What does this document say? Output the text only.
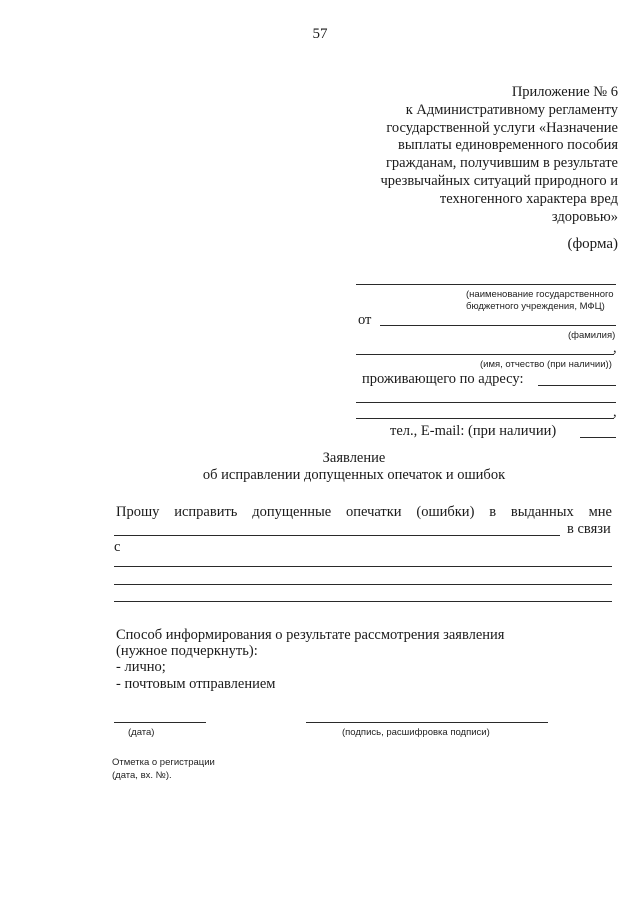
57
Приложение № 6
к Административному регламенту
государственной услуги «Назначение
выплаты единовременного пособия
гражданам, получившим в результате
чрезвычайных ситуаций природного и
техногенного характера вред
здоровью»
(форма)
(наименование государственного
бюджетного учреждения, МФЦ)
от
(фамилия)
,
(имя, отчество (при наличии))
проживающего по адресу:
,
тел., E-mail: (при наличии)
Заявление
об исправлении допущенных опечаток и ошибок
Прошу исправить допущенные опечатки (ошибки) в выданных мне
в связи
с
Способ информирования о результате рассмотрения заявления
(нужное подчеркнуть):
- лично;
- почтовым отправлением
(дата)	(подпись, расшифровка подписи)
Отметка о регистрации
(дата, вх. №).
